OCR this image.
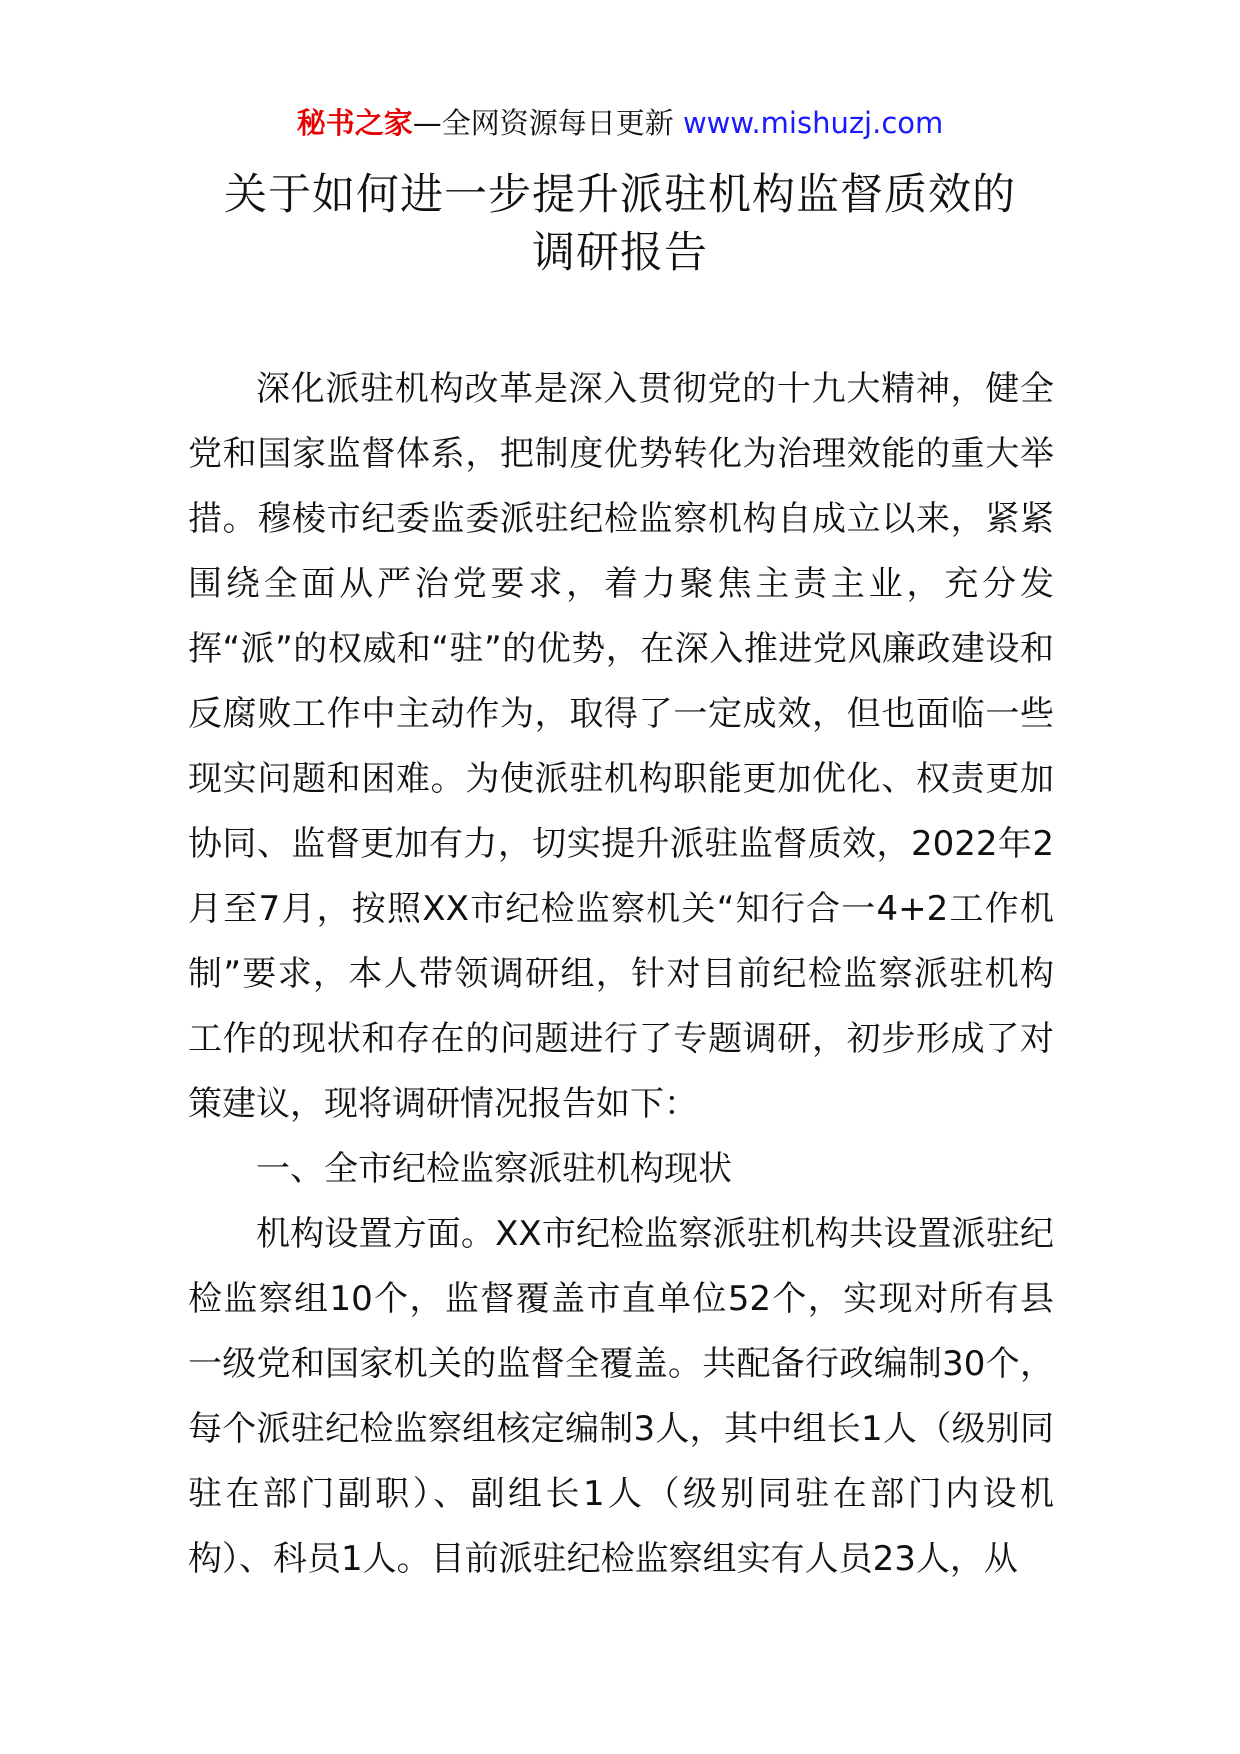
秘书之家—全网资源每日更新 www.mishuzj.com
关于如何进一步提升派驻机构监督质效的
调研报告

深化派驻机构改革是深入贯彻党的十九大精神，健全党和国家监督体系，把制度优势转化为治理效能的重大举措。穆棱市纪委监委派驻纪检监察机构自成立以来，紧紧围绕全面从严治党要求，着力聚焦主责主业，充分发挥“派”的权威和“驻”的优势，在深入推进党风廉政建设和反腐败工作中主动作为，取得了一定成效，但也面临一些现实问题和困难。为使派驻机构职能更加优化、权责更加协同、监督更加有力，切实提升派驻监督质效，2022年2月至7月，按照XX市纪检监察机关“知行合一4+2工作机制”要求，本人带领调研组，针对目前纪检监察派驻机构工作的现状和存在的问题进行了专题调研，初步形成了对策建议，现将调研情况报告如下：

一、全市纪检监察派驻机构现状

机构设置方面。XX市纪检监察派驻机构共设置派驻纪检监察组10个，监督覆盖市直单位52个，实现对所有县一级党和国家机关的监督全覆盖。共配备行政编制30个，每个派驻纪检监察组核定编制3人，其中组长1人（级别同驻在部门副职）、副组长1人（级别同驻在部门内设机构）、科员1人。目前派驻纪检监察组实有人员23人，从
